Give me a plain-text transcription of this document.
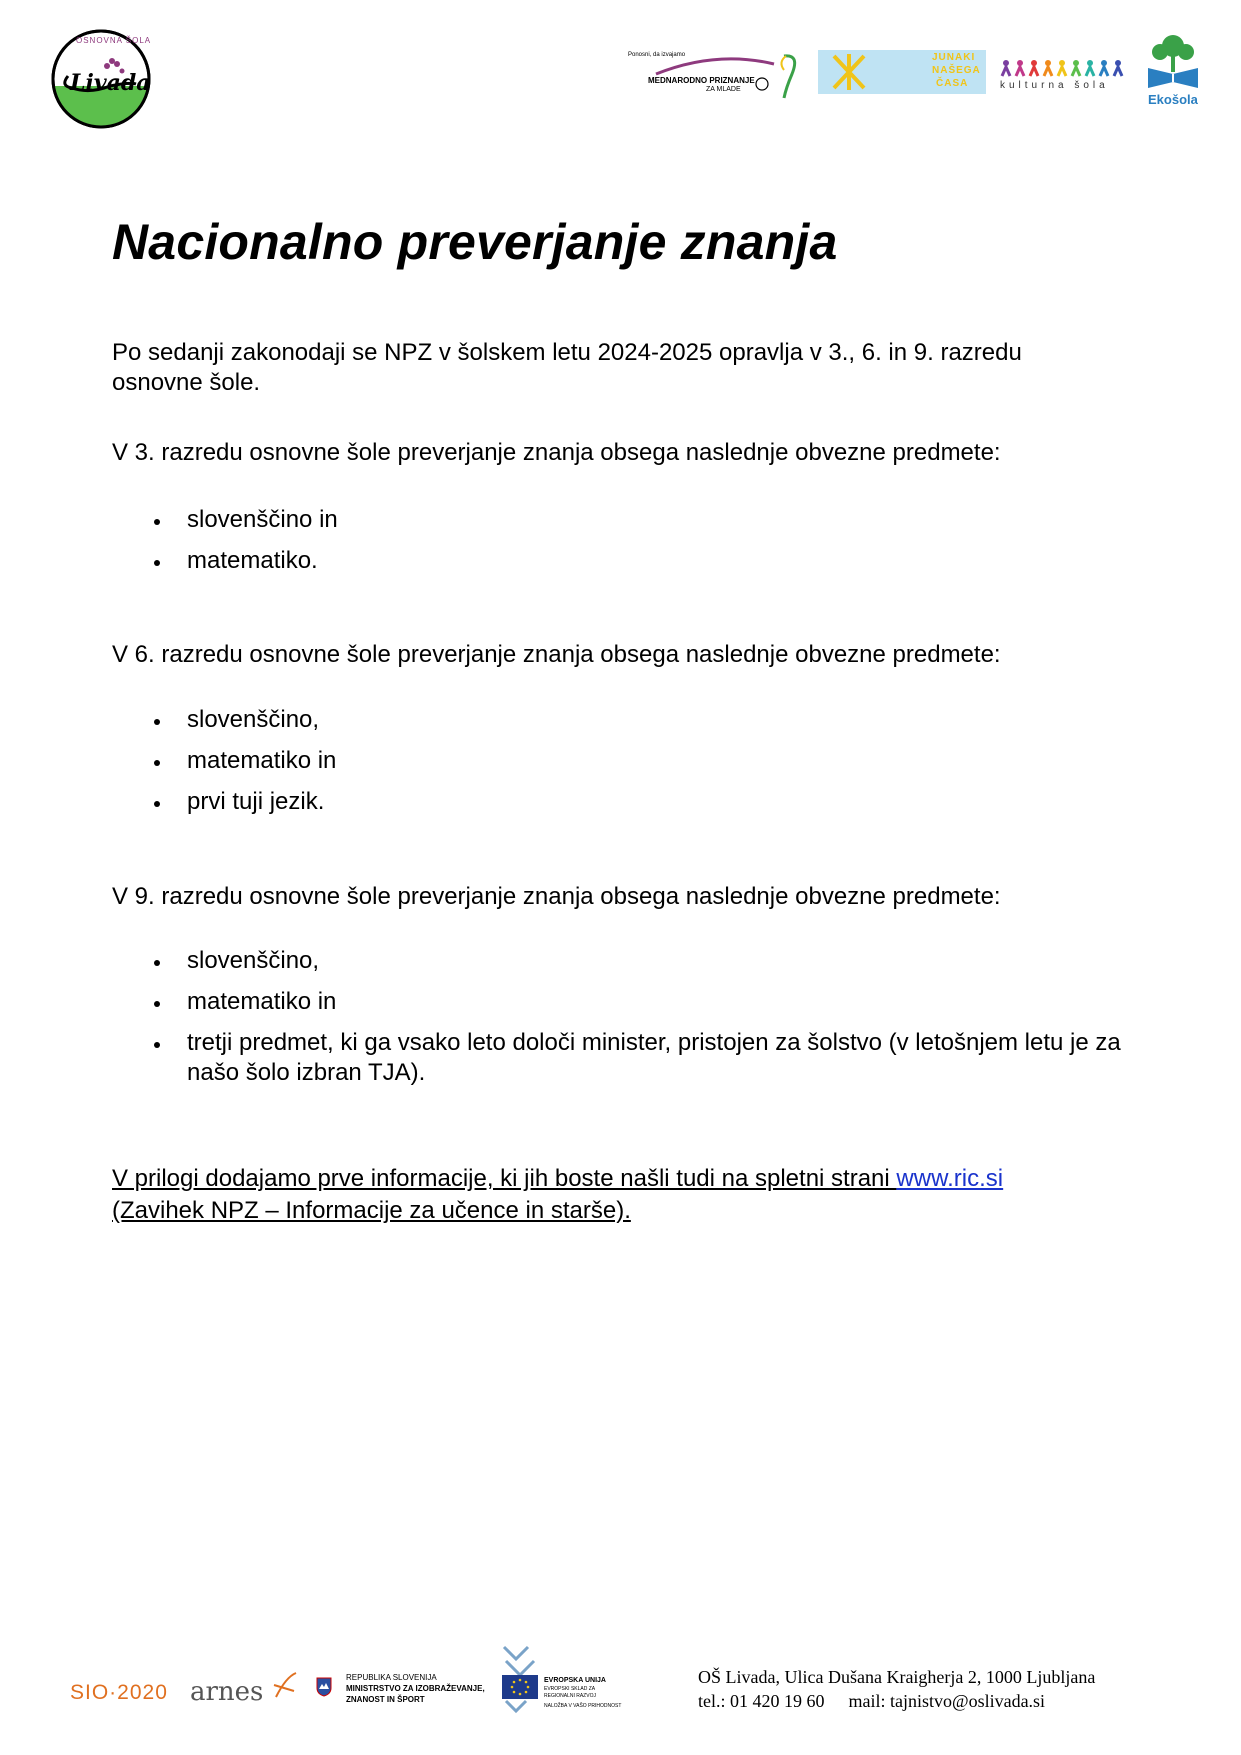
OSNOVNA ŠOLA
Livada
Ponosni, da izvajamo
MEDNARODNO PRIZNANJE
ZA MLADE
JUNAKI
NAŠEGA
ČASA	kulturna šola
Ekošola
Nacionalno preverjanje znanja

Po sedanji zakonodaji se NPZ v šolskem letu 2024-2025 opravlja v 3., 6. in 9. razredu osnovne šole.

V 3. razredu osnovne šole preverjanje znanja obsega naslednje obvezne predmete:

slovenščino in
matematiko.

V 6. razredu osnovne šole preverjanje znanja obsega naslednje obvezne predmete:

slovenščino,
matematiko in
prvi tuji jezik.

V 9. razredu osnovne šole preverjanje znanja obsega naslednje obvezne predmete:

slovenščino,
matematiko in
tretji predmet, ki ga vsako leto določi minister, pristojen za šolstvo (v letošnjem letu je za našo šolo izbran TJA).
V prilogi dodajamo prve informacije, ki jih boste našli tudi na spletni strani www.ric.si
(Zavihek NPZ – Informacije za učence in starše).
SIO·2020 arnes	REPUBLIKA SLOVENIJA
MINISTRSTVO ZA IZOBRAŽEVANJE,
ZNANOST IN ŠPORT
EVROPSKA UNIJA
EVROPSKI SKLAD ZA
REGIONALNI RAZVOJ
NALOŽBA V VAŠO PRIHODNOST
OŠ Livada, Ulica Dušana Kraigherja 2, 1000 Ljubljana
tel.: 01 420 19 60 mail: tajnistvo@oslivada.si
